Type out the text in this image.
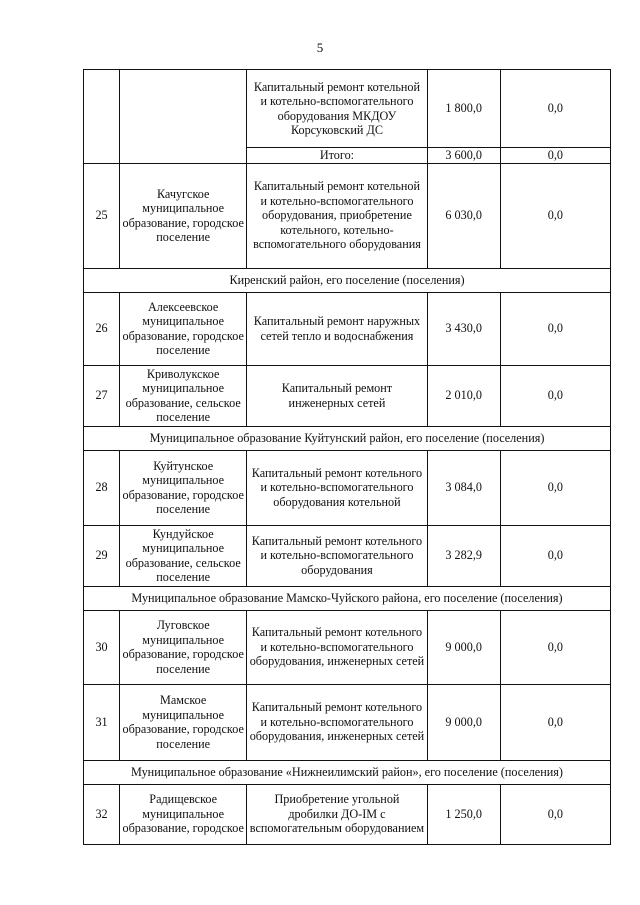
5
		Капитальный ремонт котельной и котельно-вспомогательного оборудования МКДОУ Корсуковский ДС	1 800,0	0,0
		Итого:	3 600,0	0,0
25	Качугское муниципальное образование, городское поселение	Капитальный ремонт котельной и котельно-вспомогательного оборудования, приобретение котельного, котельно-вспомогательного оборудования	6 030,0	0,0
Киренский район, его поселение (поселения)				
26	Алексеевское муниципальное образование, городское поселение	Капитальный ремонт наружных сетей тепло и водоснабжения	3 430,0	0,0
27	Криволукское муниципальное образование, сельское поселение	Капитальный ремонт инженерных сетей	2 010,0	0,0
Муниципальное образование Куйтунский район, его поселение (поселения)				
28	Куйтунское муниципальное образование, городское поселение	Капитальный ремонт котельного и котельно-вспомогательного оборудования котельной	3 084,0	0,0
29	Кундуйское муниципальное образование, сельское поселение	Капитальный ремонт котельного и котельно-вспомогательного оборудования	3 282,9	0,0
Муниципальное образование Мамско-Чуйского района, его поселение (поселения)				
30	Луговское муниципальное образование, городское поселение	Капитальный ремонт котельного и котельно-вспомогательного оборудования, инженерных сетей	9 000,0	0,0
31	Мамское муниципальное образование, городское поселение	Капитальный ремонт котельного и котельно-вспомогательного оборудования, инженерных сетей	9 000,0	0,0
Муниципальное образование «Нижнеилимский район», его поселение (поселения)				
32	Радищевское муниципальное образование, городское	Приобретение угольной дробилки ДО-IM с вспомогательным оборудованием	1 250,0	0,0
